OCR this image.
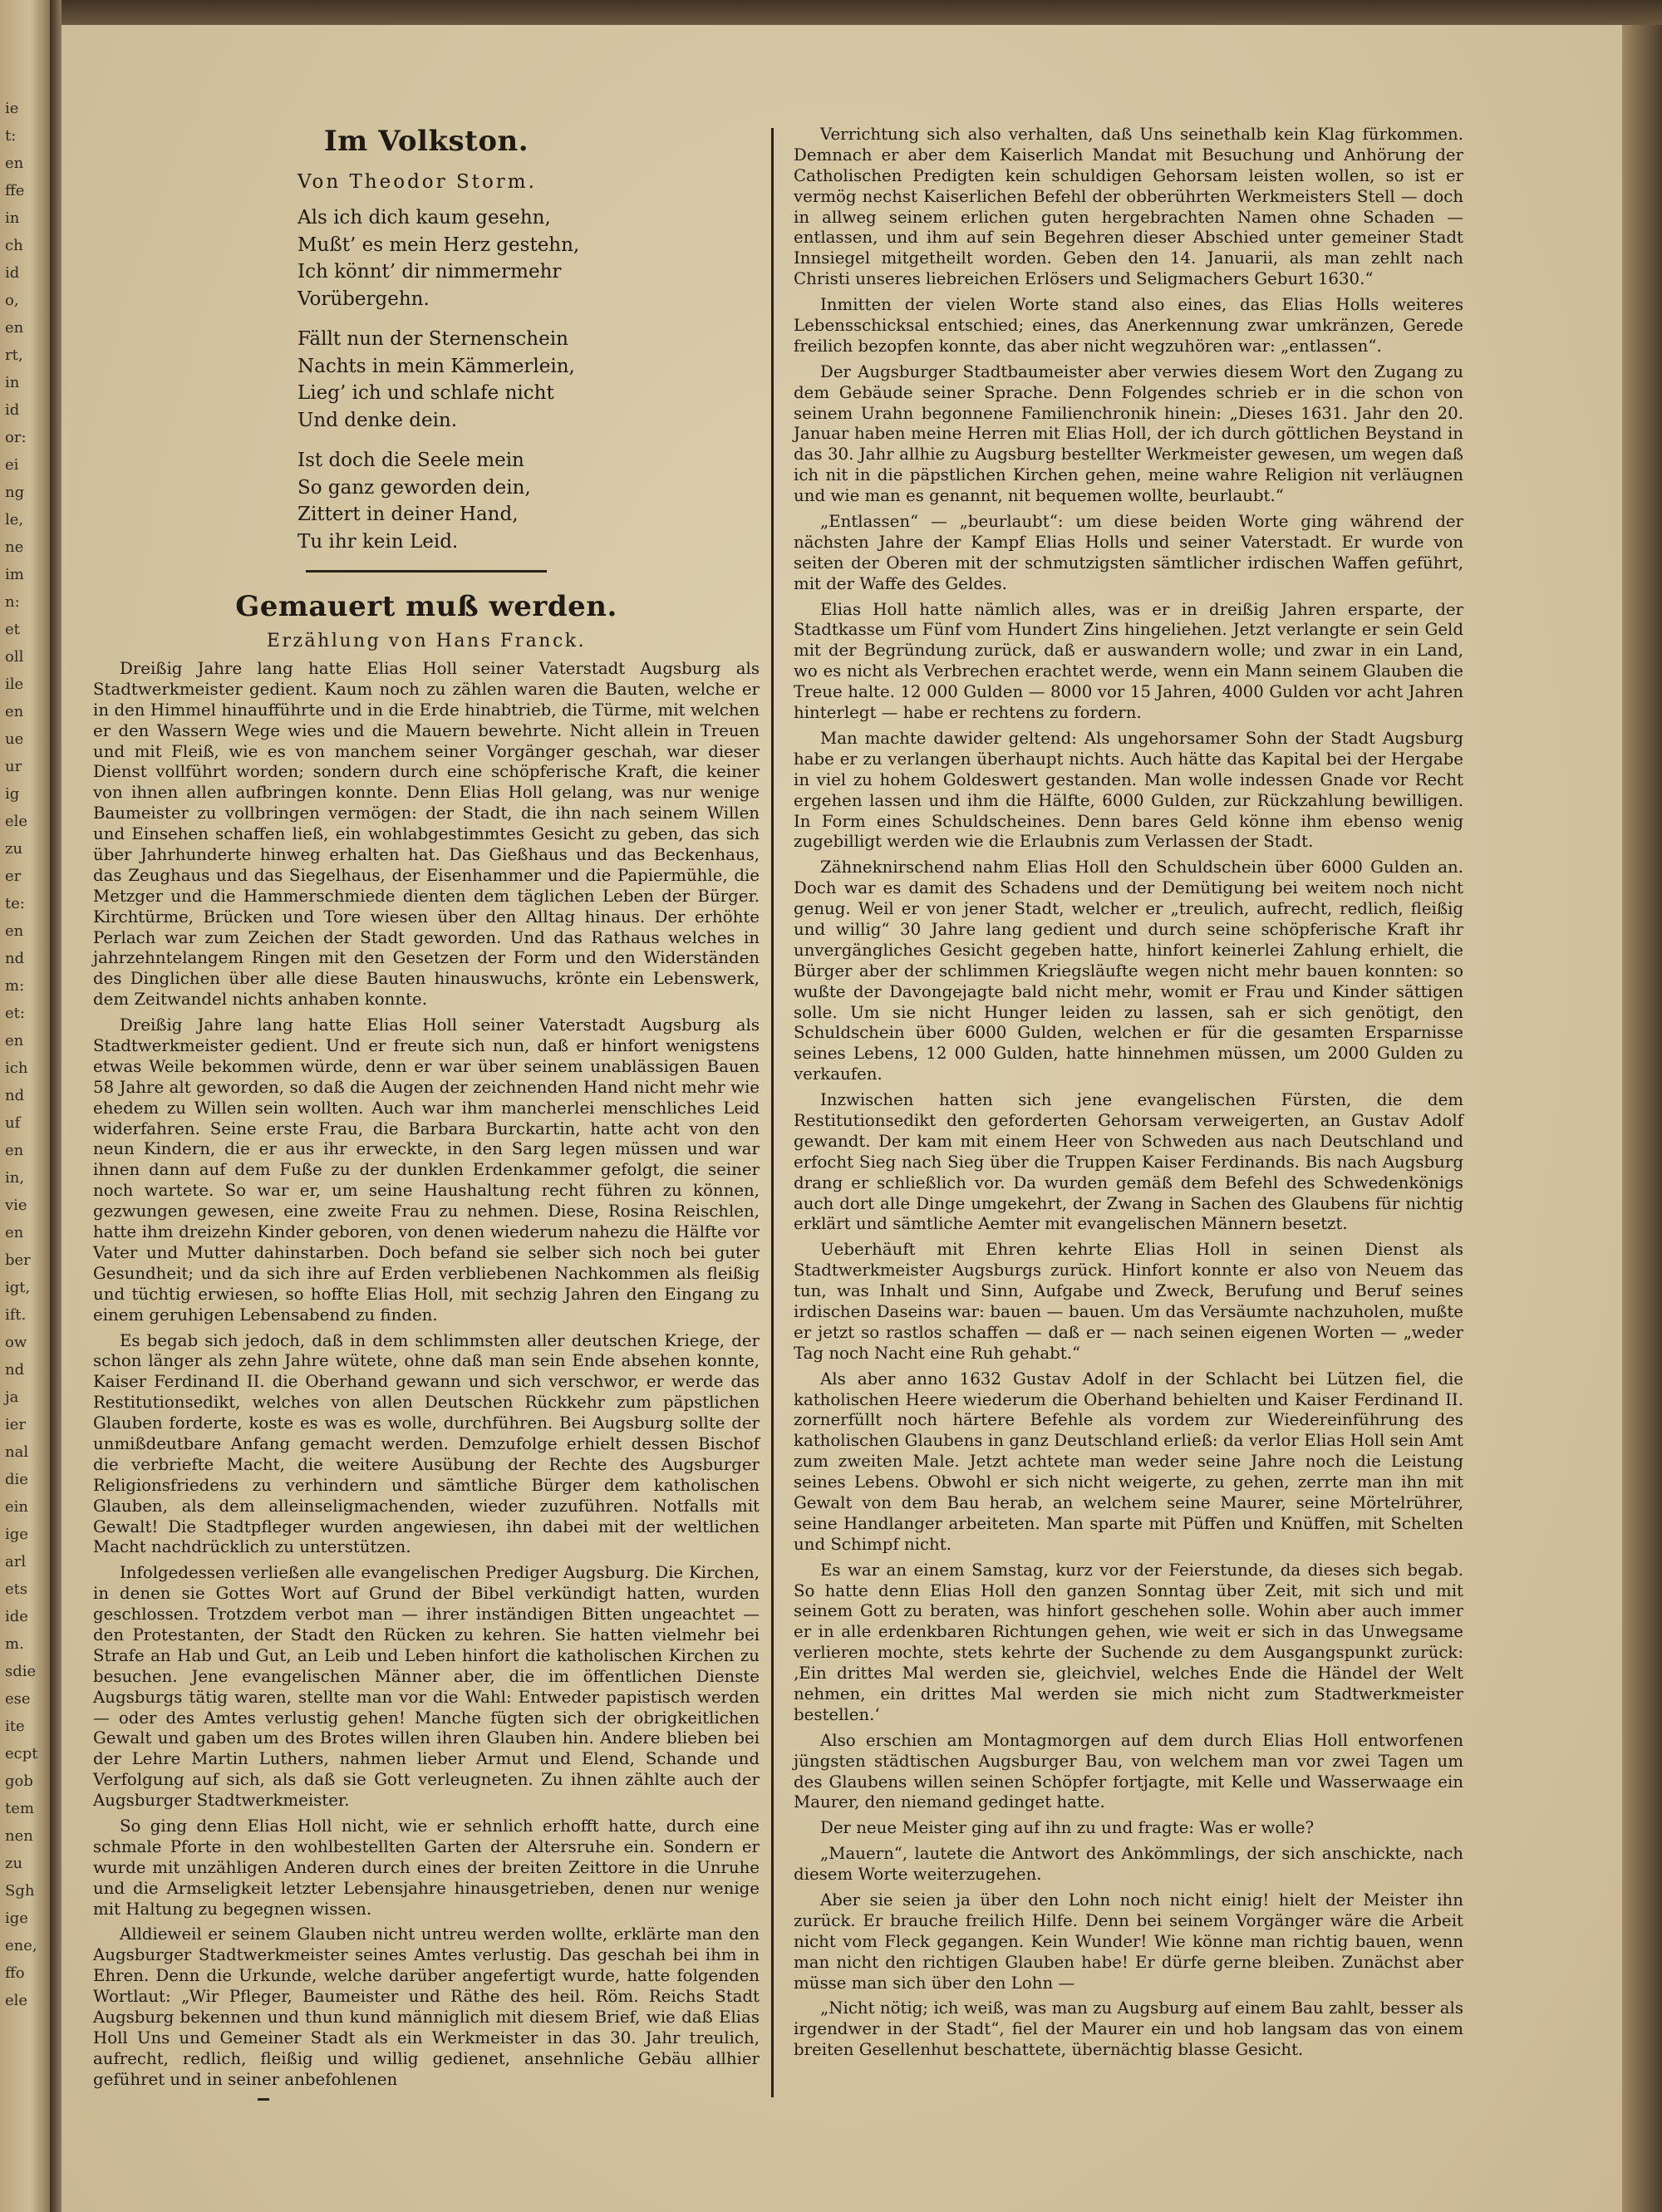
ie
t:
en
ffe
in
ch
id
o,
en
rt,
in
id
or:
ei
ng
le,
ne
im
n:
et
oll
ile
en
ue
ur
ig
ele
zu
er
te:
en
nd
m:
et:
en
ich
nd
uf
en
in,
vie
en
ber
igt,
ift.
ow
nd
ja
ier
nal
die
ein
ige
arl
ets
ide
m.
sdie
ese
ite
ecpt
gob
tem
nen
zu
Sgh
ige
ene,
ffo
ele
Im Volkston.
Von Theodor Storm.
Als ich dich kaum gesehn,
Mußt’ es mein Herz gestehn,
Ich könnt’ dir nimmermehr
Vorübergehn.
Fällt nun der Sternenschein
Nachts in mein Kämmerlein,
Lieg’ ich und schlafe nicht
Und denke dein.
Ist doch die Seele mein
So ganz geworden dein,
Zittert in deiner Hand,
Tu ihr kein Leid.
Gemauert muß werden.
Erzählung von Hans Franck.

Dreißig Jahre lang hatte Elias Holl seiner Vaterstadt Augsburg als Stadtwerkmeister gedient. Kaum noch zu zählen waren die Bauten, welche er in den Himmel hinaufführte und in die Erde hinabtrieb, die Türme, mit welchen er den Wassern Wege wies und die Mauern bewehrte. Nicht allein in Treuen und mit Fleiß, wie es von manchem seiner Vorgänger geschah, war dieser Dienst vollführt worden; sondern durch eine schöpferische Kraft, die keiner von ihnen allen aufbringen konnte. Denn Elias Holl gelang, was nur wenige Baumeister zu vollbringen vermögen: der Stadt, die ihn nach seinem Willen und Einsehen schaffen ließ, ein wohlabgestimmtes Gesicht zu geben, das sich über Jahrhunderte hinweg erhalten hat. Das Gießhaus und das Beckenhaus, das Zeughaus und das Siegelhaus, der Eisenhammer und die Papiermühle, die Metzger und die Hammerschmiede dienten dem täglichen Leben der Bürger. Kirchtürme, Brücken und Tore wiesen über den Alltag hinaus. Der erhöhte Perlach war zum Zeichen der Stadt geworden. Und das Rathaus welches in jahrzehntelangem Ringen mit den Gesetzen der Form und den Widerständen des Dinglichen über alle diese Bauten hinauswuchs, krönte ein Lebenswerk, dem Zeitwandel nichts anhaben konnte.

Dreißig Jahre lang hatte Elias Holl seiner Vaterstadt Augsburg als Stadtwerkmeister gedient. Und er freute sich nun, daß er hinfort wenigstens etwas Weile bekommen würde, denn er war über seinem unablässigen Bauen 58 Jahre alt geworden, so daß die Augen der zeichnenden Hand nicht mehr wie ehedem zu Willen sein wollten. Auch war ihm mancherlei menschliches Leid widerfahren. Seine erste Frau, die Barbara Burckartin, hatte acht von den neun Kindern, die er aus ihr erweckte, in den Sarg legen müssen und war ihnen dann auf dem Fuße zu der dunklen Erdenkammer gefolgt, die seiner noch wartete. So war er, um seine Haushaltung recht führen zu können, gezwungen gewesen, eine zweite Frau zu nehmen. Diese, Rosina Reischlen, hatte ihm dreizehn Kinder geboren, von denen wiederum nahezu die Hälfte vor Vater und Mutter dahinstarben. Doch befand sie selber sich noch bei guter Gesundheit; und da sich ihre auf Erden verbliebenen Nachkommen als fleißig und tüchtig erwiesen, so hoffte Elias Holl, mit sechzig Jahren den Eingang zu einem geruhigen Lebensabend zu finden.

Es begab sich jedoch, daß in dem schlimmsten aller deutschen Kriege, der schon länger als zehn Jahre wütete, ohne daß man sein Ende absehen konnte, Kaiser Ferdinand II. die Oberhand gewann und sich verschwor, er werde das Restitutionsedikt, welches von allen Deutschen Rückkehr zum päpstlichen Glauben forderte, koste es was es wolle, durchführen. Bei Augsburg sollte der unmißdeutbare Anfang gemacht werden. Demzufolge erhielt dessen Bischof die verbriefte Macht, die weitere Ausübung der Rechte des Augsburger Religionsfriedens zu verhindern und sämtliche Bürger dem katholischen Glauben, als dem alleinseligmachenden, wieder zuzuführen. Notfalls mit Gewalt! Die Stadtpfleger wurden angewiesen, ihn dabei mit der weltlichen Macht nachdrücklich zu unterstützen.

Infolgedessen verließen alle evangelischen Prediger Augsburg. Die Kirchen, in denen sie Gottes Wort auf Grund der Bibel verkündigt hatten, wurden geschlossen. Trotzdem verbot man — ihrer inständigen Bitten ungeachtet — den Protestanten, der Stadt den Rücken zu kehren. Sie hatten vielmehr bei Strafe an Hab und Gut, an Leib und Leben hinfort die katholischen Kirchen zu besuchen. Jene evangelischen Männer aber, die im öffentlichen Dienste Augsburgs tätig waren, stellte man vor die Wahl: Entweder papistisch werden — oder des Amtes verlustig gehen! Manche fügten sich der obrigkeitlichen Gewalt und gaben um des Brotes willen ihren Glauben hin. Andere blieben bei der Lehre Martin Luthers, nahmen lieber Armut und Elend, Schande und Verfolgung auf sich, als daß sie Gott verleugneten. Zu ihnen zählte auch der Augsburger Stadtwerkmeister.

So ging denn Elias Holl nicht, wie er sehnlich erhofft hatte, durch eine schmale Pforte in den wohlbestellten Garten der Altersruhe ein. Sondern er wurde mit unzähligen Anderen durch eines der breiten Zeittore in die Unruhe und die Armseligkeit letzter Lebensjahre hinausgetrieben, denen nur wenige mit Haltung zu begegnen wissen.

Alldieweil er seinem Glauben nicht untreu werden wollte, erklärte man den Augsburger Stadtwerkmeister seines Amtes verlustig. Das geschah bei ihm in Ehren. Denn die Urkunde, welche darüber angefertigt wurde, hatte folgenden Wortlaut: „Wir Pfleger, Baumeister und Räthe des heil. Röm. Reichs Stadt Augsburg bekennen und thun kund männiglich mit diesem Brief, wie daß Elias Holl Uns und Gemeiner Stadt als ein Werkmeister in das 30. Jahr treulich, aufrecht, redlich, fleißig und willig gedienet, ansehnliche Gebäu allhier geführet und in seiner anbefohlenen

Verrichtung sich also verhalten, daß Uns seinethalb kein Klag fürkommen. Demnach er aber dem Kaiserlich Mandat mit Besuchung und Anhörung der Catholischen Predigten kein schuldigen Gehorsam leisten wollen, so ist er vermög nechst Kaiserlichen Befehl der obberührten Werkmeisters Stell — doch in allweg seinem erlichen guten hergebrachten Namen ohne Schaden — entlassen, und ihm auf sein Begehren dieser Abschied unter gemeiner Stadt Innsiegel mitgetheilt worden. Geben den 14. Januarii, als man zehlt nach Christi unseres liebreichen Erlösers und Seligmachers Geburt 1630.“

Inmitten der vielen Worte stand also eines, das Elias Holls weiteres Lebensschicksal entschied; eines, das Anerkennung zwar umkränzen, Gerede freilich bezopfen konnte, das aber nicht wegzuhören war: „entlassen“.

Der Augsburger Stadtbaumeister aber verwies diesem Wort den Zugang zu dem Gebäude seiner Sprache. Denn Folgendes schrieb er in die schon von seinem Urahn begonnene Familienchronik hinein: „Dieses 1631. Jahr den 20. Januar haben meine Herren mit Elias Holl, der ich durch göttlichen Beystand in das 30. Jahr allhie zu Augsburg bestellter Werkmeister gewesen, um wegen daß ich nit in die päpstlichen Kirchen gehen, meine wahre Religion nit verläugnen und wie man es genannt, nit bequemen wollte, beurlaubt.“

„Entlassen“ — „beurlaubt“: um diese beiden Worte ging während der nächsten Jahre der Kampf Elias Holls und seiner Vaterstadt. Er wurde von seiten der Oberen mit der schmutzigsten sämtlicher irdischen Waffen geführt, mit der Waffe des Geldes.

Elias Holl hatte nämlich alles, was er in dreißig Jahren ersparte, der Stadtkasse um Fünf vom Hundert Zins hingeliehen. Jetzt verlangte er sein Geld mit der Begründung zurück, daß er auswandern wolle; und zwar in ein Land, wo es nicht als Verbrechen erachtet werde, wenn ein Mann seinem Glauben die Treue halte. 12 000 Gulden — 8000 vor 15 Jahren, 4000 Gulden vor acht Jahren hinterlegt — habe er rechtens zu fordern.

Man machte dawider geltend: Als ungehorsamer Sohn der Stadt Augsburg habe er zu verlangen überhaupt nichts. Auch hätte das Kapital bei der Hergabe in viel zu hohem Goldeswert gestanden. Man wolle indessen Gnade vor Recht ergehen lassen und ihm die Hälfte, 6000 Gulden, zur Rückzahlung bewilligen. In Form eines Schuldscheines. Denn bares Geld könne ihm ebenso wenig zugebilligt werden wie die Erlaubnis zum Verlassen der Stadt.

Zähneknirschend nahm Elias Holl den Schuldschein über 6000 Gulden an. Doch war es damit des Schadens und der Demütigung bei weitem noch nicht genug. Weil er von jener Stadt, welcher er „treulich, aufrecht, redlich, fleißig und willig“ 30 Jahre lang gedient und durch seine schöpferische Kraft ihr unvergängliches Gesicht gegeben hatte, hinfort keinerlei Zahlung erhielt, die Bürger aber der schlimmen Kriegsläufte wegen nicht mehr bauen konnten: so wußte der Davongejagte bald nicht mehr, womit er Frau und Kinder sättigen solle. Um sie nicht Hunger leiden zu lassen, sah er sich genötigt, den Schuldschein über 6000 Gulden, welchen er für die gesamten Ersparnisse seines Lebens, 12 000 Gulden, hatte hinnehmen müssen, um 2000 Gulden zu verkaufen.

Inzwischen hatten sich jene evangelischen Fürsten, die dem Restitutionsedikt den geforderten Gehorsam verweigerten, an Gustav Adolf gewandt. Der kam mit einem Heer von Schweden aus nach Deutschland und erfocht Sieg nach Sieg über die Truppen Kaiser Ferdinands. Bis nach Augsburg drang er schließlich vor. Da wurden gemäß dem Befehl des Schwedenkönigs auch dort alle Dinge umgekehrt, der Zwang in Sachen des Glaubens für nichtig erklärt und sämtliche Aemter mit evangelischen Männern besetzt.

Ueberhäuft mit Ehren kehrte Elias Holl in seinen Dienst als Stadtwerkmeister Augsburgs zurück. Hinfort konnte er also von Neuem das tun, was Inhalt und Sinn, Aufgabe und Zweck, Berufung und Beruf seines irdischen Daseins war: bauen — bauen. Um das Versäumte nachzuholen, mußte er jetzt so rastlos schaffen — daß er — nach seinen eigenen Worten — „weder Tag noch Nacht eine Ruh gehabt.“

Als aber anno 1632 Gustav Adolf in der Schlacht bei Lützen fiel, die katholischen Heere wiederum die Oberhand behielten und Kaiser Ferdinand II. zornerfüllt noch härtere Befehle als vordem zur Wiedereinführung des katholischen Glaubens in ganz Deutschland erließ: da verlor Elias Holl sein Amt zum zweiten Male. Jetzt achtete man weder seine Jahre noch die Leistung seines Lebens. Obwohl er sich nicht weigerte, zu gehen, zerrte man ihn mit Gewalt von dem Bau herab, an welchem seine Maurer, seine Mörtelrührer, seine Handlanger arbeiteten. Man sparte mit Püffen und Knüffen, mit Schelten und Schimpf nicht.

Es war an einem Samstag, kurz vor der Feierstunde, da dieses sich begab. So hatte denn Elias Holl den ganzen Sonntag über Zeit, mit sich und mit seinem Gott zu beraten, was hinfort geschehen solle. Wohin aber auch immer er in alle erdenkbaren Richtungen gehen, wie weit er sich in das Unwegsame verlieren mochte, stets kehrte der Suchende zu dem Ausgangspunkt zurück: ‚Ein drittes Mal werden sie, gleichviel, welches Ende die Händel der Welt nehmen, ein drittes Mal werden sie mich nicht zum Stadtwerkmeister bestellen.‘

Also erschien am Montagmorgen auf dem durch Elias Holl entworfenen jüngsten städtischen Augsburger Bau, von welchem man vor zwei Tagen um des Glaubens willen seinen Schöpfer fortjagte, mit Kelle und Wasserwaage ein Maurer, den niemand gedinget hatte.

Der neue Meister ging auf ihn zu und fragte: Was er wolle?

„Mauern“, lautete die Antwort des Ankömmlings, der sich anschickte, nach diesem Worte weiterzugehen.

Aber sie seien ja über den Lohn noch nicht einig! hielt der Meister ihn zurück. Er brauche freilich Hilfe. Denn bei seinem Vorgänger wäre die Arbeit nicht vom Fleck gegangen. Kein Wunder! Wie könne man richtig bauen, wenn man nicht den richtigen Glauben habe! Er dürfe gerne bleiben. Zunächst aber müsse man sich über den Lohn —

„Nicht nötig; ich weiß, was man zu Augsburg auf einem Bau zahlt, besser als irgendwer in der Stadt“, fiel der Maurer ein und hob langsam das von einem breiten Gesellenhut beschattete, übernächtig blasse Gesicht.
